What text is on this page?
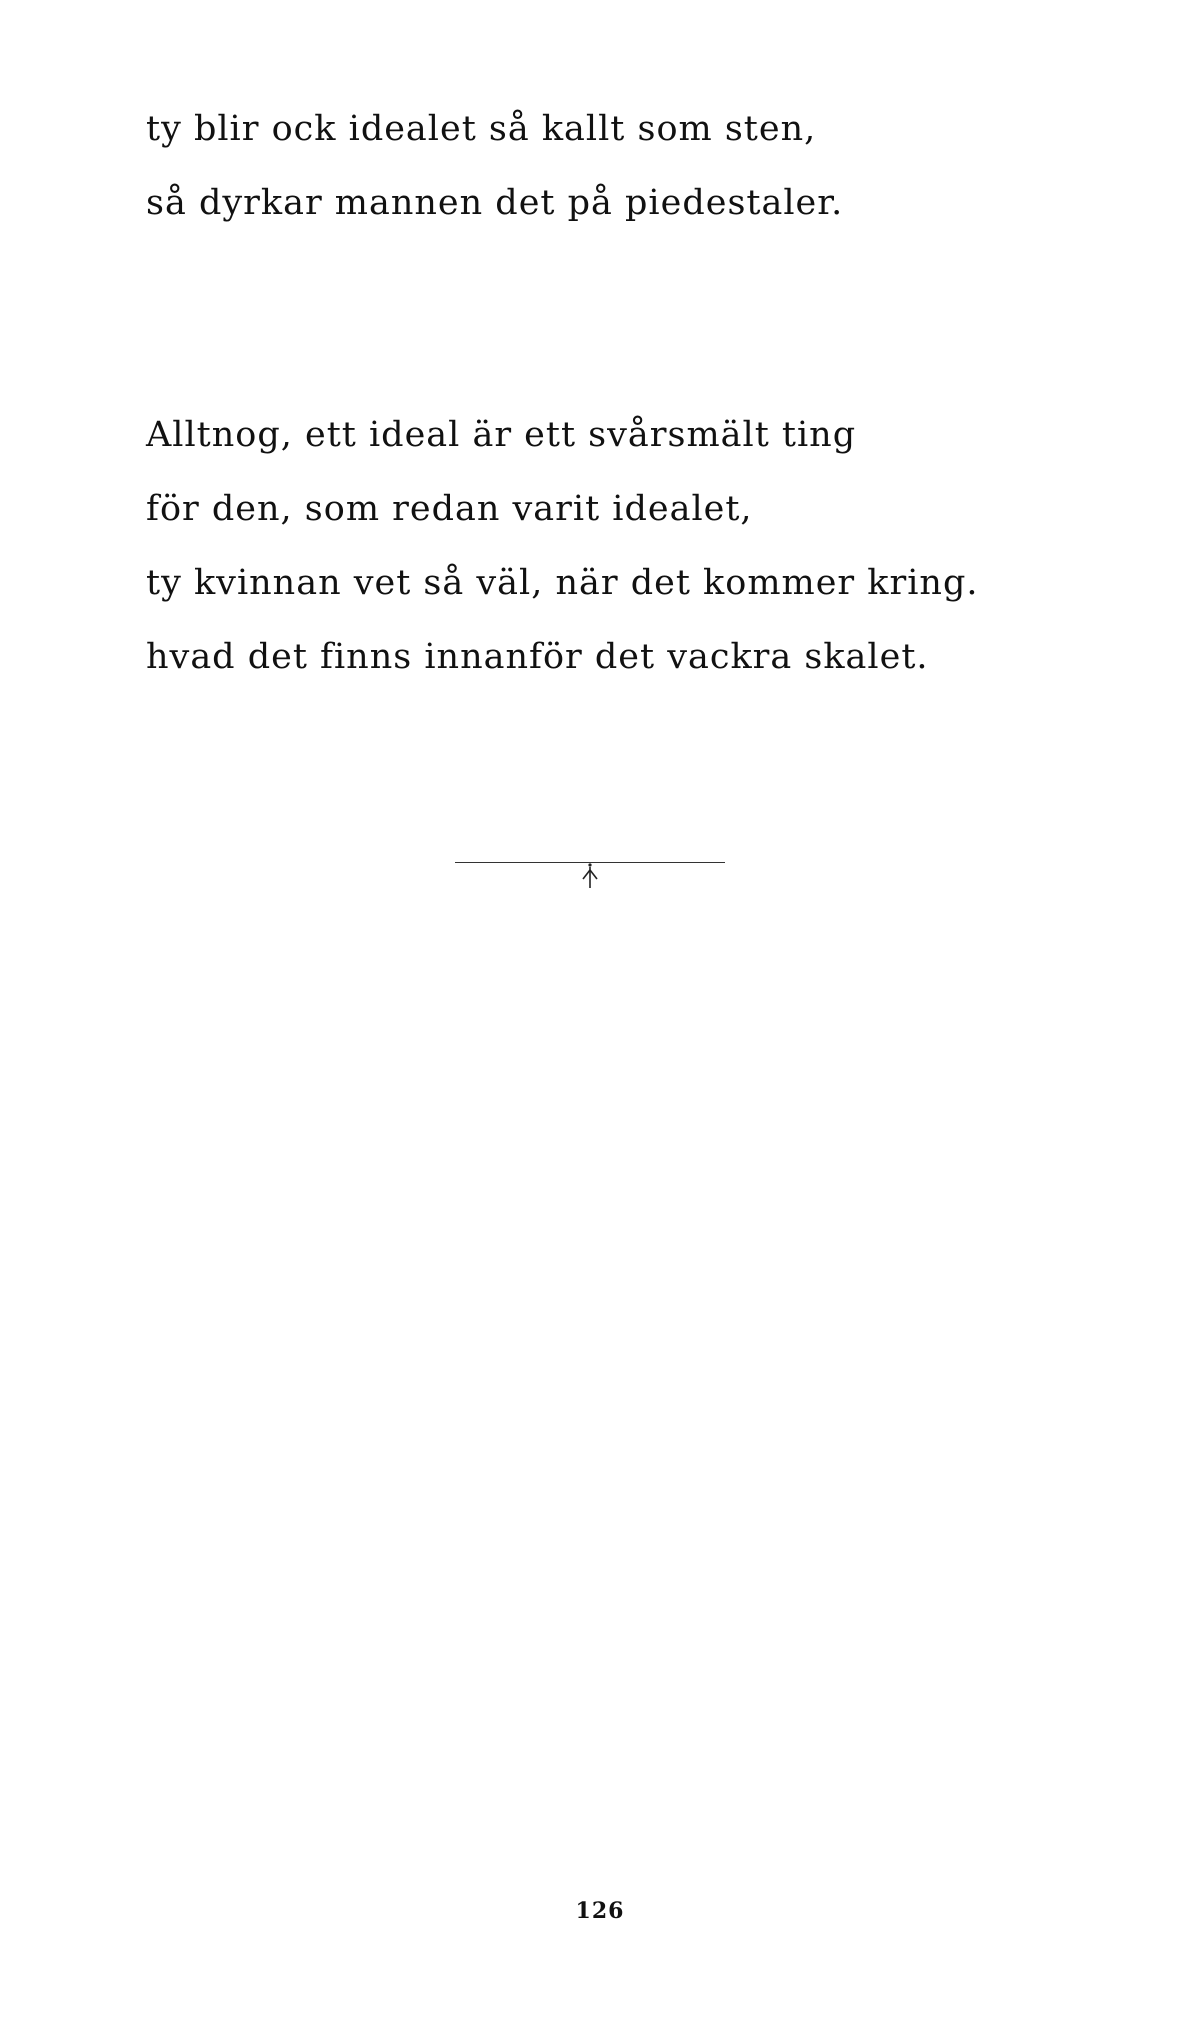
ty blir ock idealet så kallt som sten,
så dyrkar mannen det på piedestaler.
Alltnog, ett ideal är ett svårsmält ting
för den, som redan varit idealet,
ty kvinnan vet så väl, när det kommer kring.
hvad det finns innanför det vackra skalet.
126
